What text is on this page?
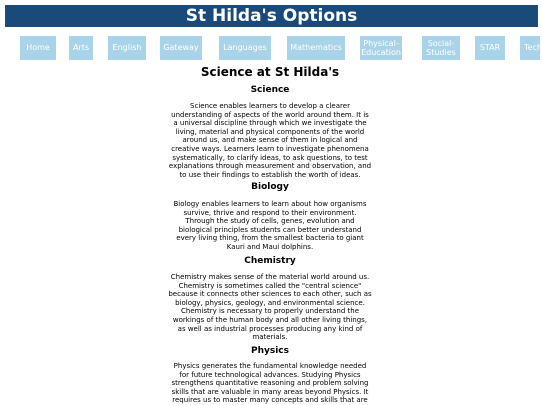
St Hilda's Options
Home	Arts	English	Gateway	Languages	Mathematics	Physical-
Education
Social-
Studies
STAR	Tech
Science at St Hilda's
Science
Science enables learners to develop a clearer
understanding of aspects of the world around them. It is
a universal discipline through which we investigate the
living, material and physical components of the world
around us, and make sense of them in logical and
creative ways. Learners learn to investigate phenomena
systematically, to clarify ideas, to ask questions, to test
explanations through measurement and observation, and
to use their findings to establish the worth of ideas.
Biology
Biology enables learners to learn about how organisms
survive, thrive and respond to their environment.
Through the study of cells, genes, evolution and
biological principles students can better understand
every living thing, from the smallest bacteria to giant
Kauri and Maui dolphins.
Chemistry
Chemistry makes sense of the material world around us.
Chemistry is sometimes called the "central science"
because it connects other sciences to each other, such as
biology, physics, geology, and environmental science.
Chemistry is necessary to properly understand the
workings of the human body and all other living things,
as well as industrial processes producing any kind of
materials.
Physics
Physics generates the fundamental knowledge needed
for future technological advances. Studying Physics
strengthens quantitative reasoning and problem solving
skills that are valuable in many areas beyond Physics. It
requires us to master many concepts and skills that are
